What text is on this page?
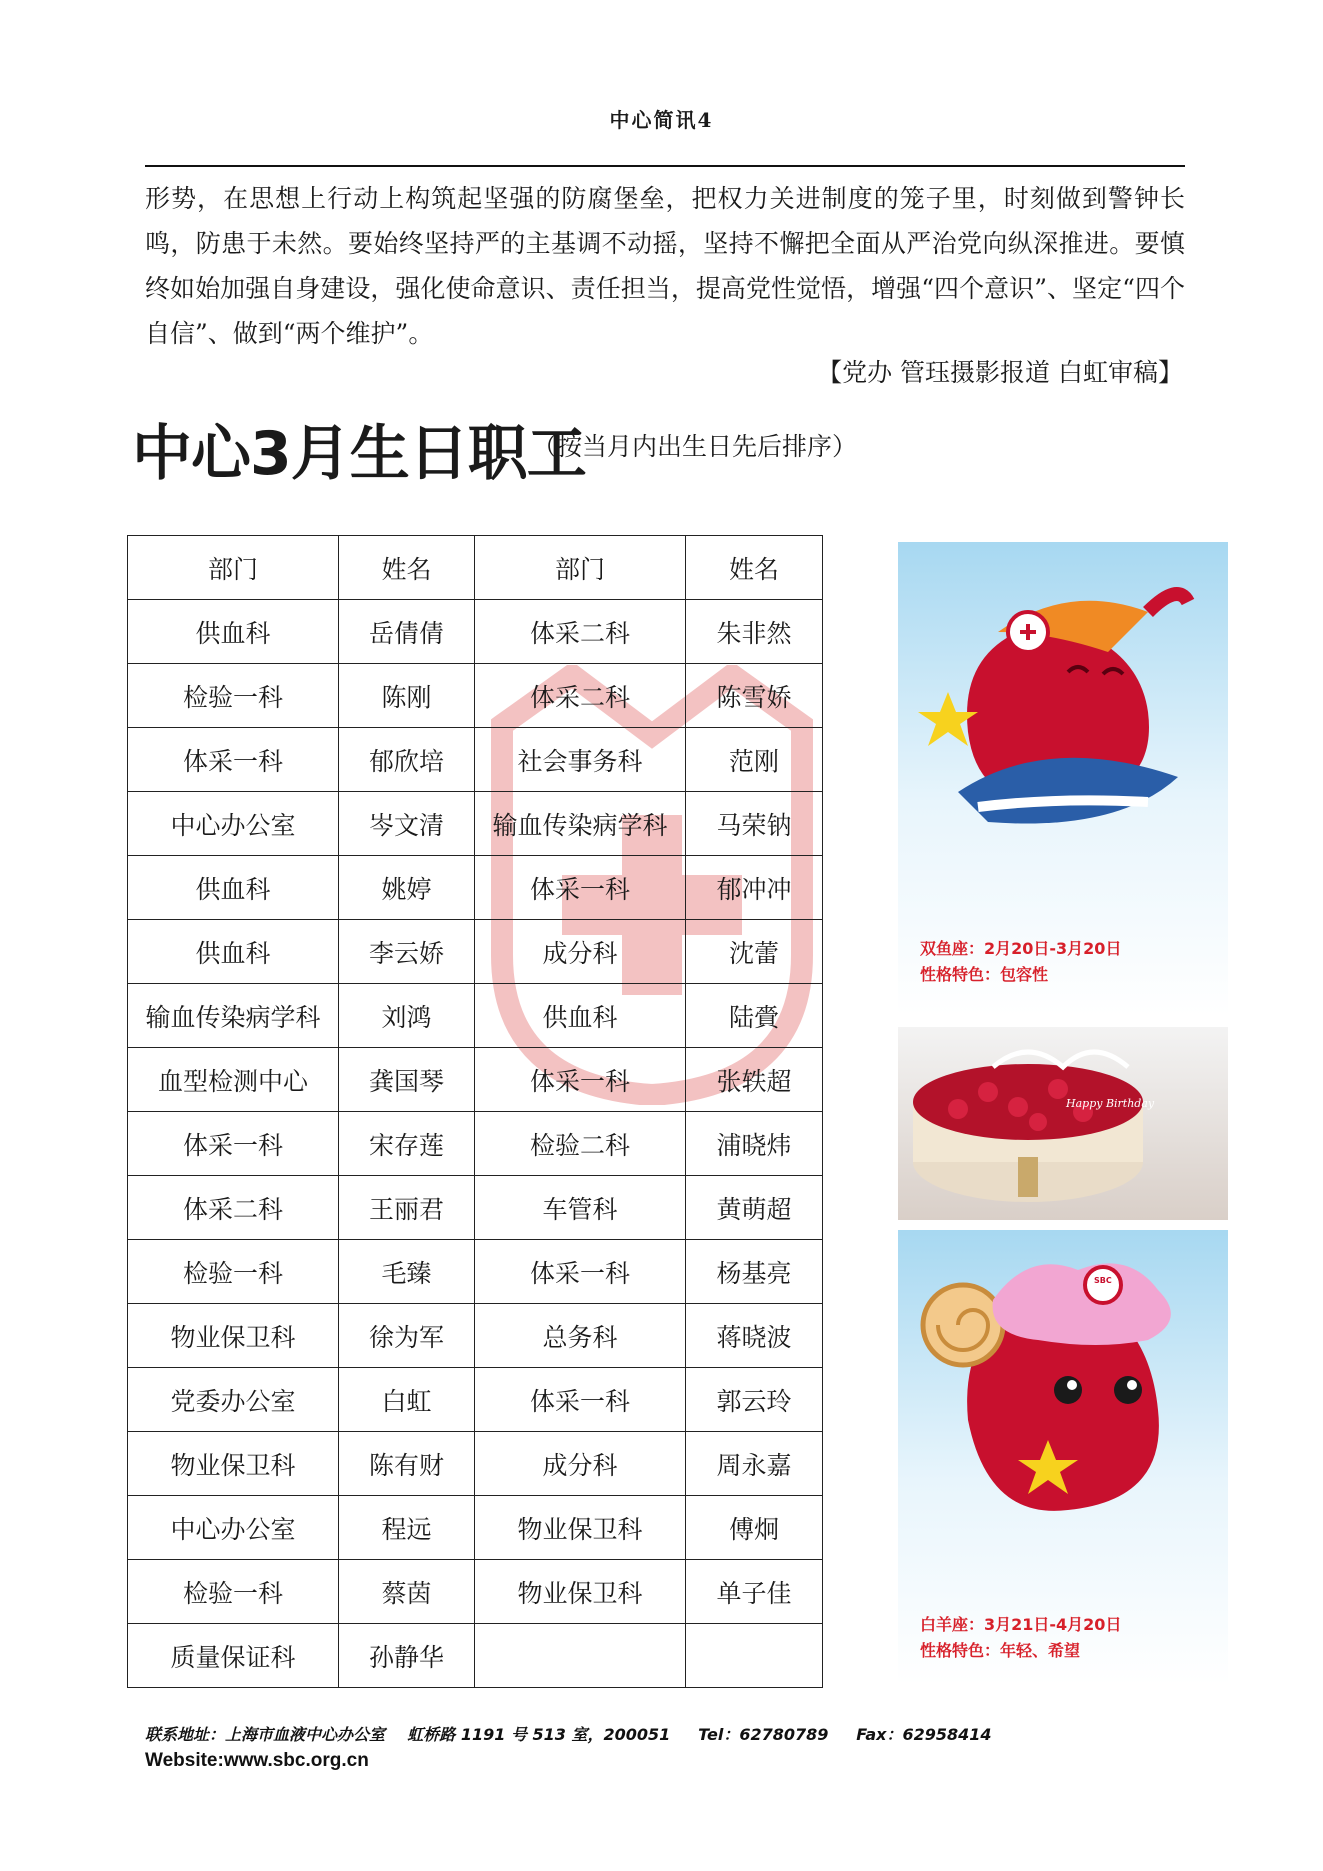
中心简讯4

形势，在思想上行动上构筑起坚强的防腐堡垒，把权力关进制度的笼子里，时刻做到警钟长鸣，防患于未然。要始终坚持严的主基调不动摇，坚持不懈把全面从严治党向纵深推进。要慎终如始加强自身建设，强化使命意识、责任担当，提高党性觉悟，增强“四个意识”、坚定“四个自信”、做到“两个维护”。

【党办 管珏摄影报道 白虹审稿】
中心3月生日职工
（按当月内出生日先后排序）
部门	姓名	部门	姓名
供血科	岳倩倩	体采二科	朱非然
检验一科	陈刚	体采二科	陈雪娇
体采一科	郁欣培	社会事务科	范刚
中心办公室	岑文清	输血传染病学科	马荣钠
供血科	姚婷	体采一科	郁冲冲
供血科	李云娇	成分科	沈蕾
输血传染病学科	刘鸿	供血科	陆賫
血型检测中心	龚国琴	体采一科	张轶超
体采一科	宋存莲	检验二科	浦晓炜
体采二科	王丽君	车管科	黄萌超
检验一科	毛臻	体采一科	杨基亮
物业保卫科	徐为军	总务科	蒋晓波
党委办公室	白虹	体采一科	郭云玲
物业保卫科	陈有财	成分科	周永嘉
中心办公室	程远	物业保卫科	傅炯
检验一科	蔡茵	物业保卫科	单子佳
质量保证科	孙静华		
双鱼座：2月20日-3月20日
性格特色：包容性
Happy Birthday
SBC
白羊座：3月21日-4月20日
性格特色：年轻、希望
联系地址：上海市血液中心办公室    虹桥路 1191 号 513 室，200051     Tel：62780789     Fax：62958414
Website:www.sbc.org.cn
